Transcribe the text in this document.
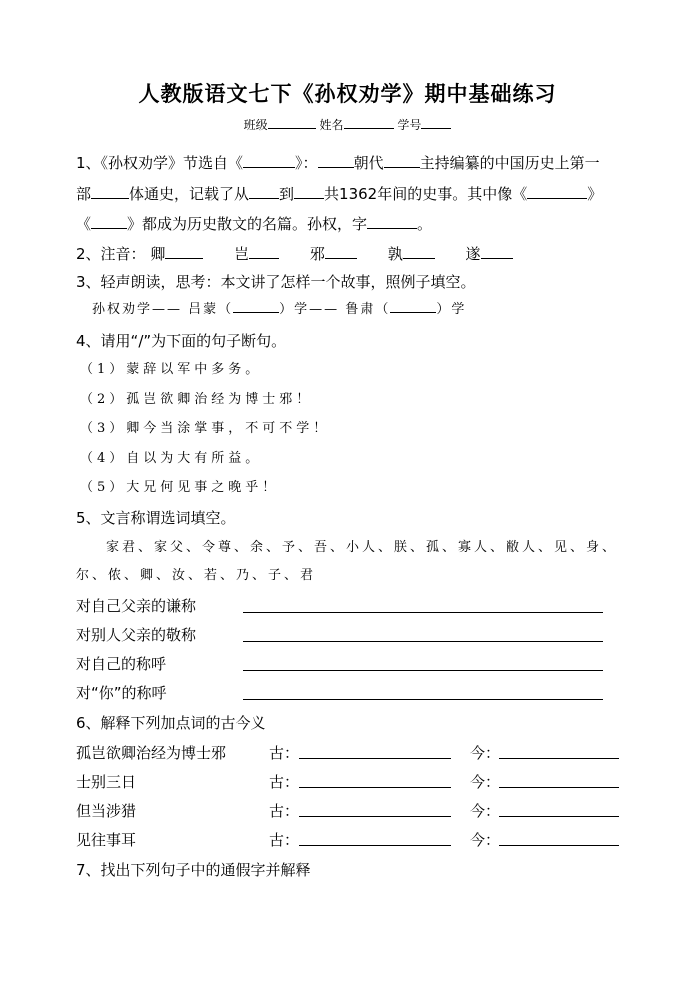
人教版语文七下《孙权劝学》期中基础练习
班级	姓名	学号
1、《孙权劝学》节选自《	》： 朝代 主持编纂的中国历史上第一
部	体通史，记载了从 到 共1362年间的史事。其中像《	》
《 》都成为历史散文的名篇。孙权，字	。
2、注音： 卿	岂	邪	孰	遂
3、轻声朗读，思考：本文讲了怎样一个故事，照例子填空。
孙权劝学—— 吕蒙（	）学—— 鲁肃（	）学
4、请用“/”为下面的句子断句。
（1）蒙辞以军中多务。
（2）孤岂欲卿治经为博士邪！
（3）卿今当涂掌事，不可不学！
（4）自以为大有所益。
（5）大兄何见事之晚乎！
5、文言称谓选词填空。
家君、家父、令尊、余、予、吾、小人、朕、孤、寡人、敝人、见、身、
尔、侬、卿、汝、若、乃、子、君
对自己父亲的谦称
对别人父亲的敬称
对自己的称呼
对“你”的称呼
6、解释下列加点词的古今义
孤岂欲卿治经为博士邪	古：	今：
士别三日	古：	今：
但当涉猎	古：	今：
见往事耳	古：	今：
7、找出下列句子中的通假字并解释
